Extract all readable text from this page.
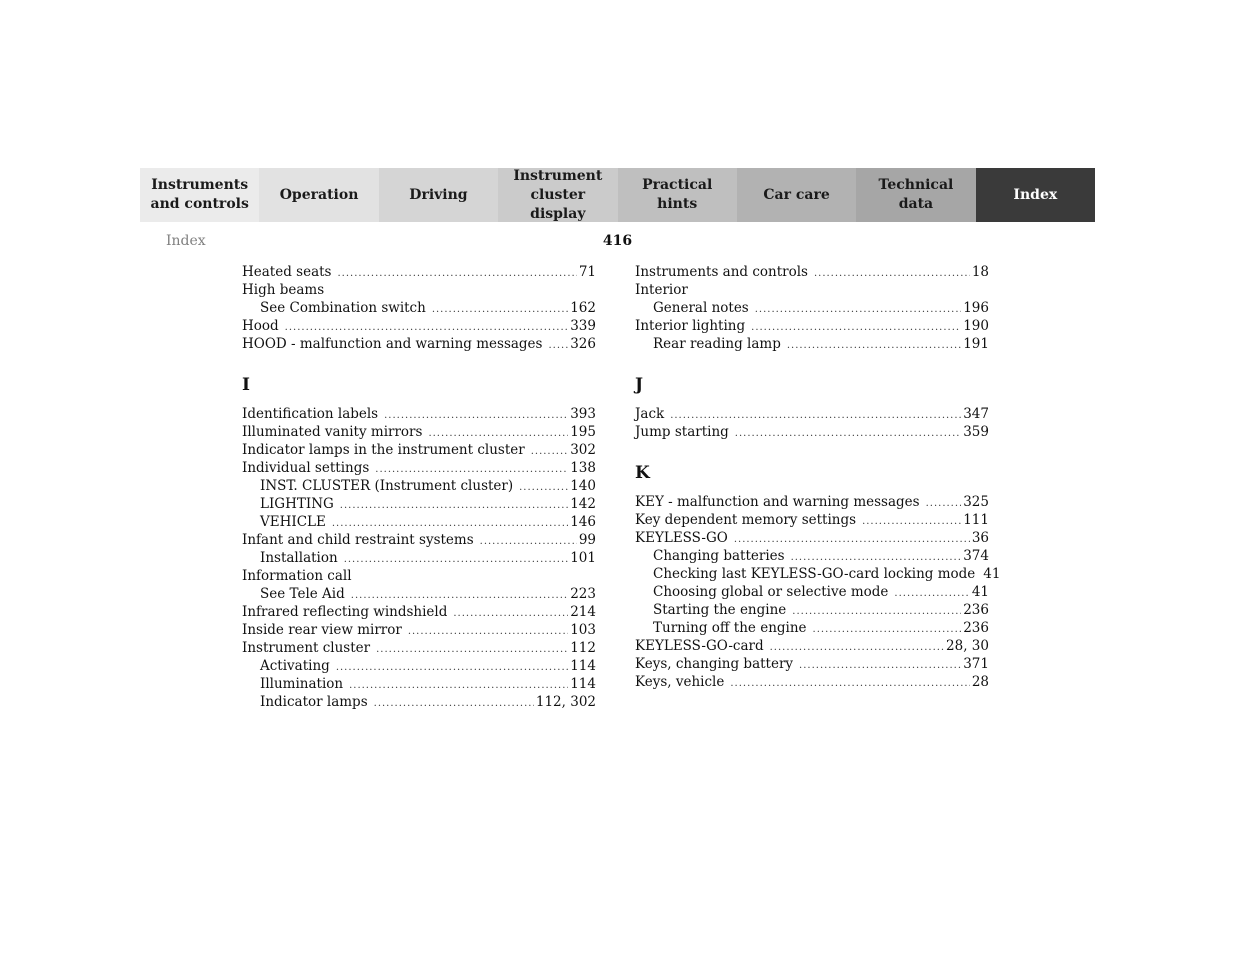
Instruments
and controls
Operation	Driving
Instrument
cluster display
Practical hints
Car care
Technical
data
Index
Index	416
Heated seats .....	71
High beams
See Combination switch .....	162
Hood .....	339
HOOD - malfunction and warning messages .....	326
I
Identification labels .....	393
Illuminated vanity mirrors .....	195
Indicator lamps in the instrument cluster .....	302
Individual settings .....	138
INST. CLUSTER (Instrument cluster) .....	140
LIGHTING .....	142
VEHICLE .....	146
Infant and child restraint systems .....	99
Installation .....	101
Information call
See Tele Aid .....	223
Infrared reflecting windshield .....	214
Inside rear view mirror .....	103
Instrument cluster .....	112
Activating .....	114
Illumination .....	114
Indicator lamps .....	112, 302
Instruments and controls .....	18
Interior
General notes .....	196
Interior lighting .....	190
Rear reading lamp .....	191
J
Jack .....	347
Jump starting .....	359
K
KEY - malfunction and warning messages .....	325
Key dependent memory settings .....	111
KEYLESS-GO .....	36
Changing batteries .....	374
Checking last KEYLESS-GO-card locking mode 41
Choosing global or selective mode .....	41
Starting the engine .....	236
Turning off the engine .....	236
KEYLESS-GO-card .....	28, 30
Keys, changing battery .....	371
Keys, vehicle .....	28
